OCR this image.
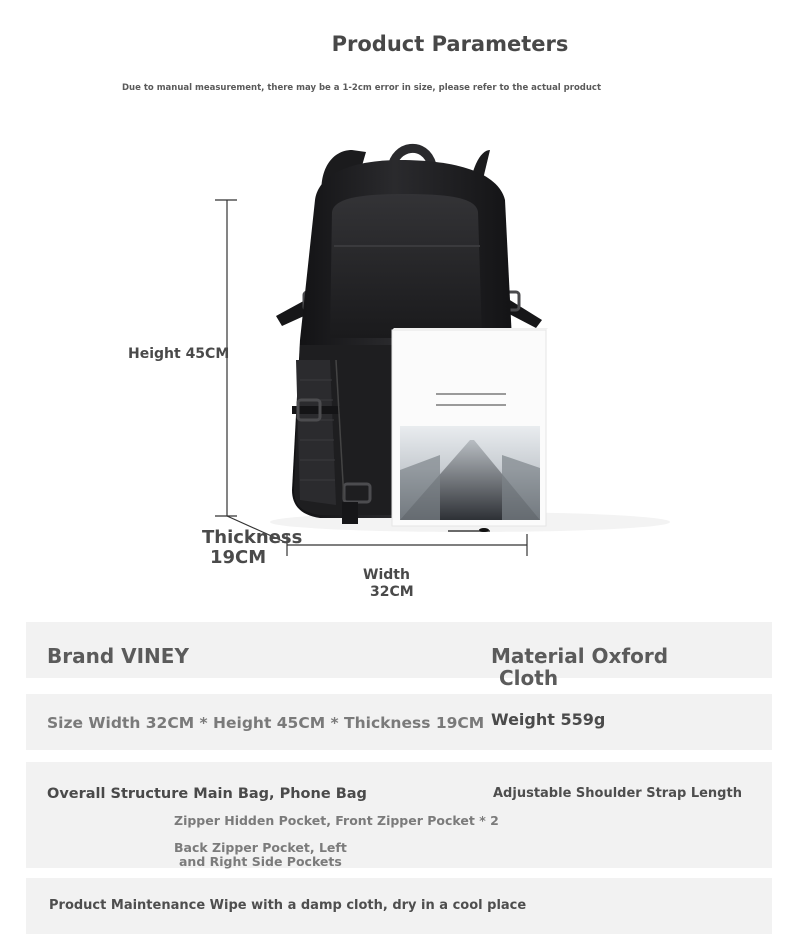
Product Parameters
Due to manual measurement, there may be a 1-2cm error in size, please refer to the actual product
Height 45CM
Thickness
19CM
Width
32CM
Brand VINEY	Material Oxford
Cloth
Size Width 32CM * Height 45CM * Thickness 19CM Weight 559g
Overall Structure Main Bag, Phone Bag	Adjustable Shoulder Strap Length
Zipper Hidden Pocket, Front Zipper Pocket * 2
Back Zipper Pocket, Left
and Right Side Pockets
Product Maintenance Wipe with a damp cloth, dry in a cool place
